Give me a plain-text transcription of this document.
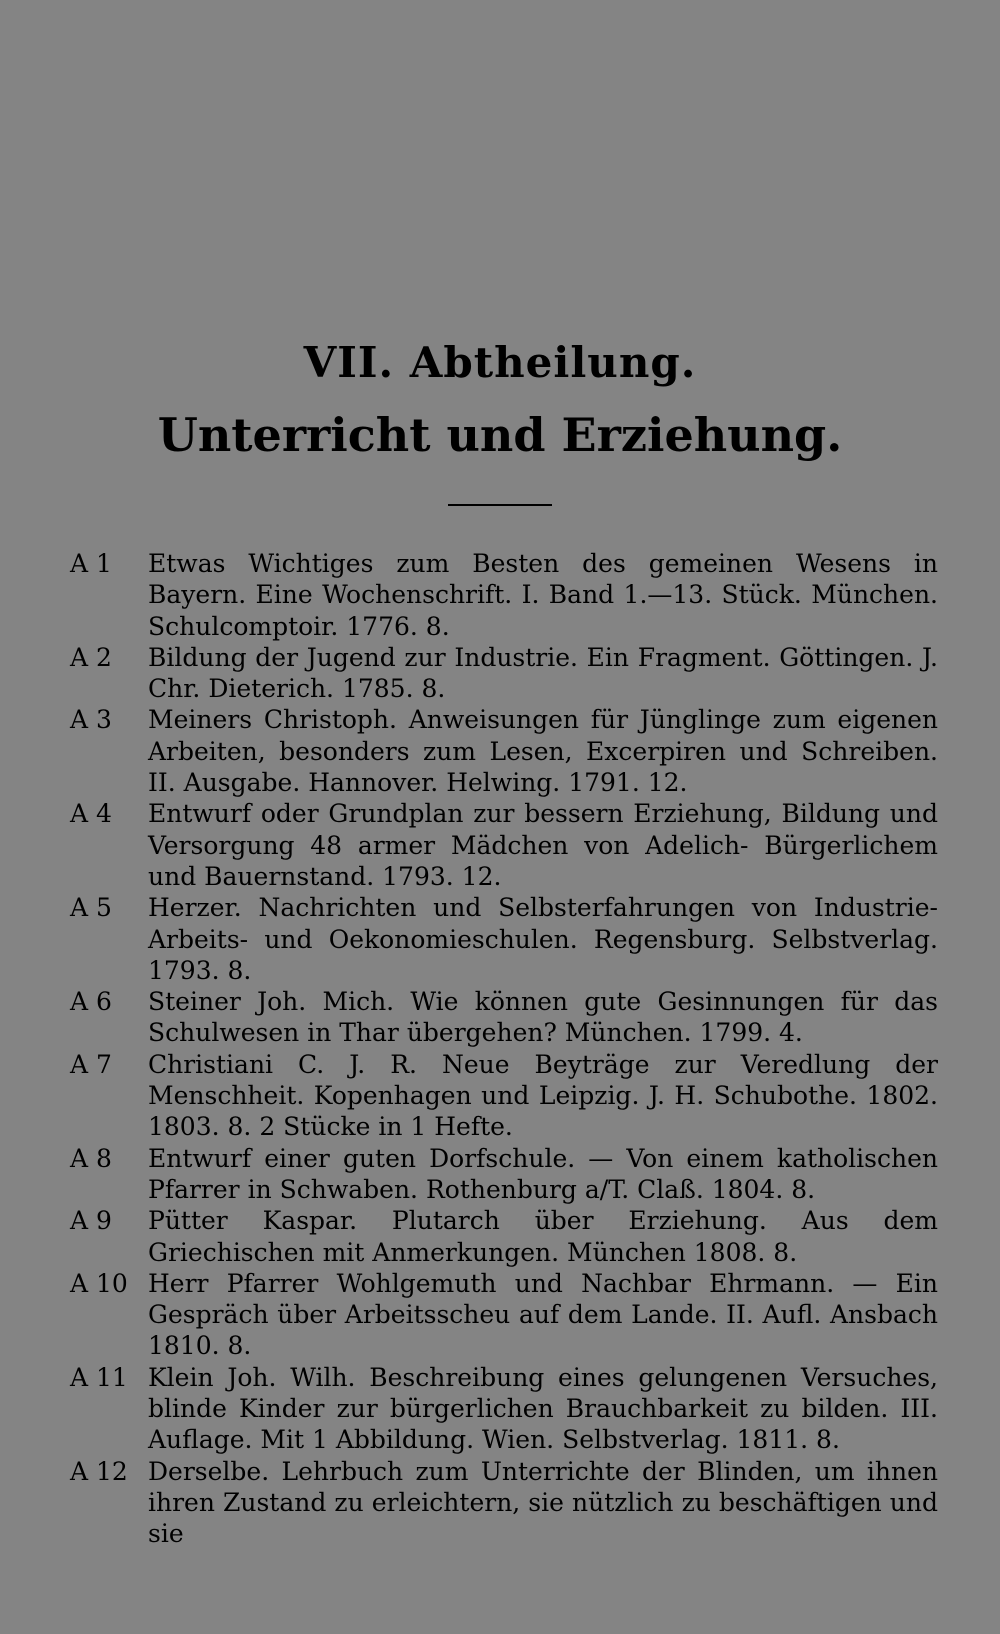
VII. Abtheilung.
Unterricht und Erziehung.
A 1	Etwas Wichtiges zum Besten des gemeinen Wesens in Bayern. Eine Wochenschrift. I. Band 1.—13. Stück. München. Schulcomptoir. 1776. 8.
A 2	Bildung der Jugend zur Industrie. Ein Fragment. Göttingen. J. Chr. Dieterich. 1785. 8.
A 3	Meiners Christoph. Anweisungen für Jünglinge zum eigenen Arbeiten, besonders zum Lesen, Excerpiren und Schreiben. II. Ausgabe. Hannover. Helwing. 1791. 12.
A 4	Entwurf oder Grundplan zur bessern Erziehung, Bildung und Versorgung 48 armer Mädchen von Adelich- Bürgerlichem und Bauernstand. 1793. 12.
A 5	Herzer. Nachrichten und Selbsterfahrungen von Industrie-Arbeits- und Oekonomieschulen. Regensburg. Selbstverlag. 1793. 8.
A 6	Steiner Joh. Mich. Wie können gute Gesinnungen für das Schulwesen in Thar übergehen? München. 1799. 4.
A 7	Christiani C. J. R. Neue Beyträge zur Veredlung der Menschheit. Kopenhagen und Leipzig. J. H. Schubothe. 1802. 1803. 8. 2 Stücke in 1 Hefte.
A 8	Entwurf einer guten Dorfschule. — Von einem katholischen Pfarrer in Schwaben. Rothenburg a/T. Claß. 1804. 8.
A 9	Pütter Kaspar. Plutarch über Erziehung. Aus dem Griechischen mit Anmerkungen. München 1808. 8.
A 10 Herr Pfarrer Wohlgemuth und Nachbar Ehrmann. — Ein Gespräch über Arbeitsscheu auf dem Lande. II. Aufl. Ansbach 1810. 8.
A 11 Klein Joh. Wilh. Beschreibung eines gelungenen Versuches, blinde Kinder zur bürgerlichen Brauchbarkeit zu bilden. III. Auflage. Mit 1 Abbildung. Wien. Selbstverlag. 1811. 8.
A 12 Derselbe. Lehrbuch zum Unterrichte der Blinden, um ihnen ihren Zustand zu erleichtern, sie nützlich zu beschäftigen und sie
